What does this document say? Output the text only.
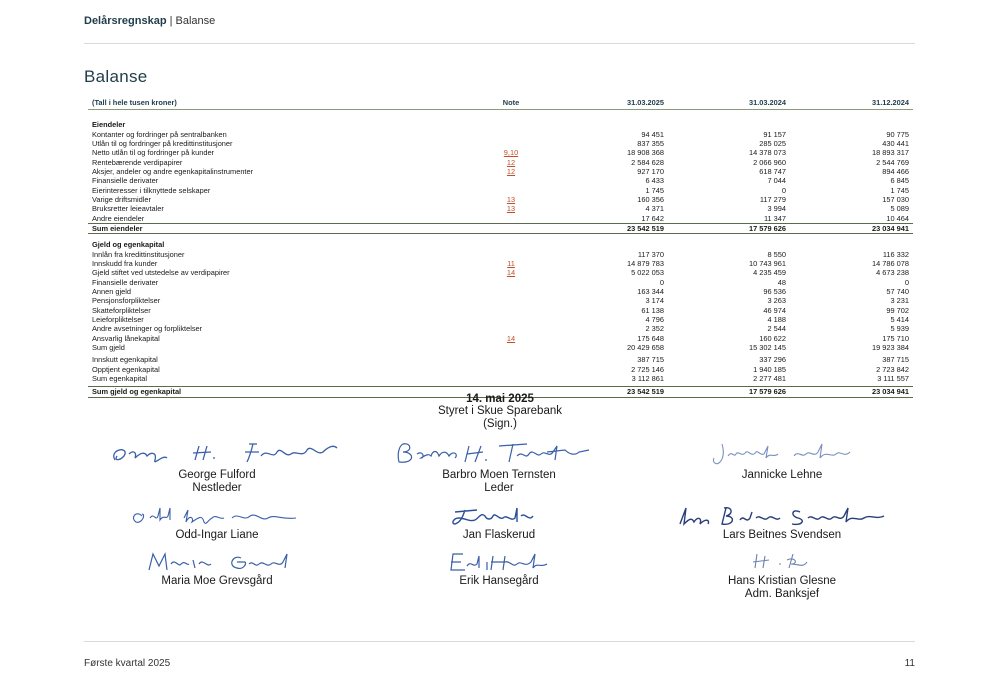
Delårsregnskap | Balanse
Balanse
(Tall i hele tusen kroner)	Note	31.03.2025	31.03.2024	31.12.2024

Eiendeler				
Kontanter og fordringer på sentralbanken		94 451	91 157	90 775
Utlån til og fordringer på kredittinstitusjoner		837 355	285 025	430 441
Netto utlån til og fordringer på kunder	9,10	18 908 368	14 378 073	18 893 317
Rentebærende verdipapirer	12	2 584 628	2 066 960	2 544 769
Aksjer, andeler og andre egenkapitalinstrumenter	12	927 170	618 747	894 466
Finansielle derivater		6 433	7 044	6 845
Eierinteresser i tilknyttede selskaper		1 745	0	1 745
Varige driftsmidler	13	160 356	117 279	157 030
Bruksretter leieavtaler	13	4 371	3 994	5 089
Andre eiendeler		17 642	11 347	10 464
Sum eiendeler		23 542 519	17 579 626	23 034 941

Gjeld og egenkapital				
Innlån fra kredittinstitusjoner		117 370	8 550	116 332
Innskudd fra kunder	11	14 879 783	10 743 961	14 786 078
Gjeld stiftet ved utstedelse av verdipapirer	14	5 022 053	4 235 459	4 673 238
Finansielle derivater		0	48	0
Annen gjeld		163 344	96 536	57 740
Pensjonsforpliktelser		3 174	3 263	3 231
Skatteforpliktelser		61 138	46 974	99 702
Leieforpliktelser		4 796	4 188	5 414
Andre avsetninger og forpliktelser		2 352	2 544	5 939
Ansvarlig lånekapital	14	175 648	160 622	175 710
Sum gjeld		20 429 658	15 302 145	19 923 384

Innskutt egenkapital		387 715	337 296	387 715
Opptjent egenkapital		2 725 146	1 940 185	2 723 842
Sum egenkapital		3 112 861	2 277 481	3 111 557

Sum gjeld og egenkapital		23 542 519	17 579 626	23 034 941
14. mai 2025
Styret i Skue Sparebank
(Sign.)
George Fulford
Nestleder
Barbro Moen Ternsten
Leder
Jannicke Lehne
Odd-Ingar Liane	Jan Flaskerud	Lars Beitnes Svendsen
Maria Moe Grevsgård	Erik Hansegård	Hans Kristian Glesne
Adm. Banksjef
Første kvartal 2025	11
